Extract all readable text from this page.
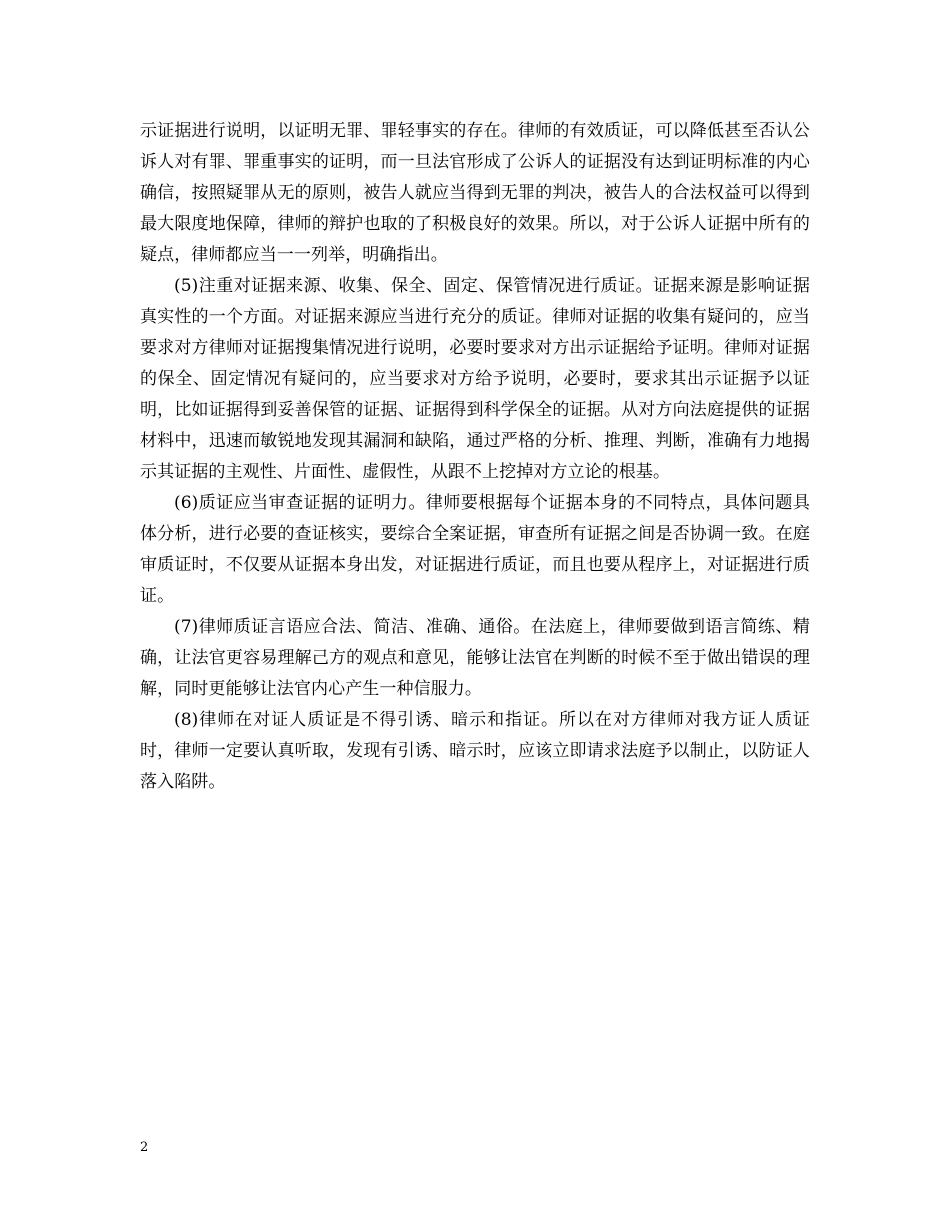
示证据进行说明，以证明无罪、罪轻事实的存在。律师的有效质证，可以降低甚至否认公诉人对有罪、罪重事实的证明，而一旦法官形成了公诉人的证据没有达到证明标准的内心确信，按照疑罪从无的原则，被告人就应当得到无罪的判决，被告人的合法权益可以得到最大限度地保障，律师的辩护也取的了积极良好的效果。所以，对于公诉人证据中所有的疑点，律师都应当一一列举，明确指出。

(5)注重对证据来源、收集、保全、固定、保管情况进行质证。证据来源是影响证据真实性的一个方面。对证据来源应当进行充分的质证。律师对证据的收集有疑问的，应当要求对方律师对证据搜集情况进行说明，必要时要求对方出示证据给予证明。律师对证据的保全、固定情况有疑问的，应当要求对方给予说明，必要时，要求其出示证据予以证明，比如证据得到妥善保管的证据、证据得到科学保全的证据。从对方向法庭提供的证据材料中，迅速而敏锐地发现其漏洞和缺陷，通过严格的分析、推理、判断，准确有力地揭示其证据的主观性、片面性、虚假性，从跟不上挖掉对方立论的根基。

(6)质证应当审查证据的证明力。律师要根据每个证据本身的不同特点，具体问题具体分析，进行必要的查证核实，要综合全案证据，审查所有证据之间是否协调一致。在庭审质证时，不仅要从证据本身出发，对证据进行质证，而且也要从程序上，对证据进行质证。

(7)律师质证言语应合法、简洁、准确、通俗。在法庭上，律师要做到语言简练、精确，让法官更容易理解己方的观点和意见，能够让法官在判断的时候不至于做出错误的理解，同时更能够让法官内心产生一种信服力。

(8)律师在对证人质证是不得引诱、暗示和指证。所以在对方律师对我方证人质证时，律师一定要认真听取，发现有引诱、暗示时，应该立即请求法庭予以制止，以防证人落入陷阱。

2
